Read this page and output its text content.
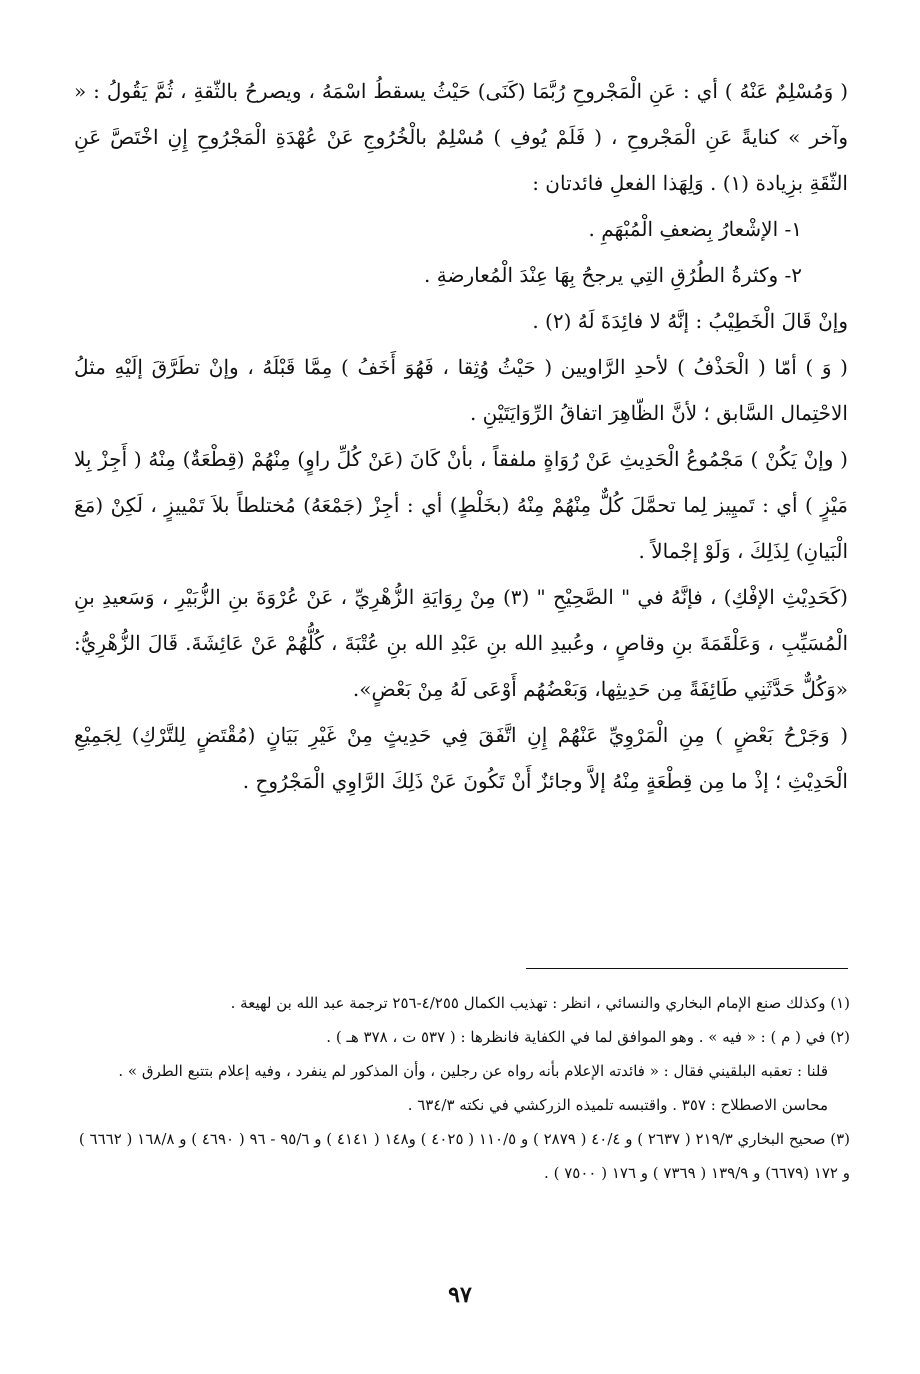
( وَمُسْلِمٌ عَنْهُ ) أي : عَنِ الْمَجْروحِ رُبَّمَا (كَنَى) حَيْثُ يسقطُ اسْمَهُ ، ويصرحُ بالثّقةِ ، ثُمَّ يَقُولُ : « وآخر » كنايةً عَنِ الْمَجْروحِ ، ( فَلَمْ يُوفِ ) مُسْلِمٌ بالْخُرُوجِ عَنْ عُهْدَةِ الْمَجْرُوحِ إِنِ اخْتَصَّ عَنِ الثّقَةِ بزِيادة (١) . وَلِهَذا الفعلِ فائدتان :

١- الإشْعارُ بِضعفِ الْمُبْهَمِ .
٢- وكثرةُ الطُرُقِ التِي يرجحُ بِهَا عِنْدَ الْمُعارضةِ .

وإنْ قَالَ الْخَطِيْبُ : إنَّهُ لا فائِدَةَ لَهُ (٢) .

( وَ ) أمّا ( الْحَذْفُ ) لأحدِ الرَّاويين ( حَيْثُ وُثِقا ، فَهُوَ أَخَفُ ) مِمَّا قَبْلَهُ ، وإنْ تطَرَّقَ إلَيْهِ مثلُ الاحْتِمال السَّابق ؛ لأنَّ الظّاهِرَ اتفاقُ الرِّوَايَتَيْنِ .

( وإنْ يَكُنْ ) مَجْمُوعُ الْحَدِيثِ عَنْ رُوَاةٍ ملفقاً ، بأنْ كَانَ (عَنْ كُلِّ راوٍ) مِنْهُمْ (قِطْعَةٌ) مِنْهُ ( أَجِزْ بِلا مَيْزٍ ) أي : تَميِيز لِما تحمَّلَ كُلٌّ مِنْهُمْ مِنْهُ (بخَلْطٍ) أي : أجِزْ (جَمْعَهُ) مُختلطاً بلاَ تَمْييزٍ ، لَكِنْ (مَعَ الْبَيانِ) لِذَلِكَ ، وَلَوْ إجْمالاً .

(كَحَدِيْثِ الإفْكِ) ، فإنَّهُ في " الصَّحِيْحِ " (٣) مِنْ رِوَايَةِ الزُّهْرِيِّ ، عَنْ عُرْوَةَ بنِ الزُّبَيْرِ ، وَسَعيدِ بنِ الْمُسَيِّبِ ، وَعَلْقَمَةَ بنِ وقاصٍ ، وعُبيدِ الله بنِ عَبْدِ الله بنِ عُتْبَةَ ، كُلُّهُمْ عَنْ عَائِشَةَ. قَالَ الزُّهْرِيُّ: «وَكُلٌّ حَدَّثَنِي طَائِفَةً مِن حَدِيثِها، وَبَعْضُهُم أَوْعَى لَهُ مِنْ بَعْضٍ».

( وَجَرْحُ بَعْضٍ ) مِنِ الْمَرْوِيِّ عَنْهُمْ إِنِ اتَّفَقَ فِي حَدِيثٍ مِنْ غَيْرِ بَيَانٍ (مُقْتَضٍ لِلتَّرْكِ) لِجَمِيْعِ الْحَدِيْثِ ؛ إذْ ما مِن قِطْعَةٍ مِنْهُ إلاَّ وجائزٌ أَنْ تَكُونَ عَنْ ذَلِكَ الرَّاوِي الْمَجْرُوحِ .

(١) وكذلك صنع الإمام البخاري والنسائي ، انظر : تهذيب الكمال ٤/٢٥٥-٢٥٦ ترجمة عبد الله بن لهيعة .

(٢) في ( م ) : « فيه » . وهو الموافق لما في الكفاية فانظرها : ( ٥٣٧ ت ، ٣٧٨ هـ ) .

قلنا : تعقبه البلقيني فقال : « فائدته الإعلام بأنه رواه عن رجلين ، وأن المذكور لم ينفرد ، وفيه إعلام بتتبع الطرق » . محاسن الاصطلاح : ٣٥٧ . واقتبسه تلميذه الزركشي في نكته ٦٣٤/٣ .

(٣) صحيح البخاري ٢١٩/٣ ( ٢٦٣٧ ) و ٤٠/٤ ( ٢٨٧٩ ) و ١١٠/٥ ( ٤٠٢٥ ) و١٤٨ ( ٤١٤١ ) و ٩٥/٦ - ٩٦ ( ٤٦٩٠ ) و ١٦٨/٨ ( ٦٦٦٢ ) و ١٧٢ (٦٦٧٩) و ١٣٩/٩ ( ٧٣٦٩ ) و ١٧٦ ( ٧٥٠٠ ) .

٩٧
